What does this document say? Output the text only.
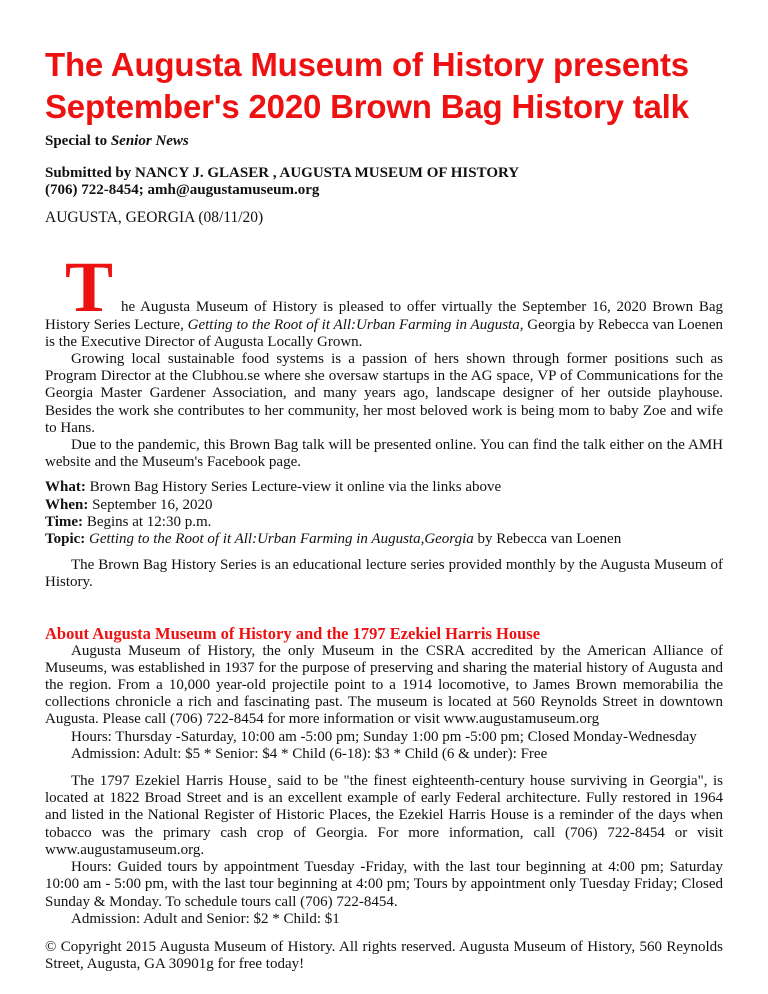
The Augusta Museum of History presents
September's 2020 Brown Bag History talk
Special to Senior News
Submitted by NANCY J. GLASER , AUGUSTA MUSEUM OF HISTORY
(706) 722-8454; amh@augustamuseum.org
AUGUSTA, GEORGIA (08/11/20)

The Augusta Museum of History is pleased to offer virtually the September 16, 2020 Brown Bag History Series Lecture, Getting to the Root of it All:Urban Farming in Augusta, Georgia by Rebecca van Loenen is the Executive Director of Augusta Locally Grown.

Growing local sustainable food systems is a passion of hers shown through former positions such as Program Director at the Clubhou.se where she oversaw startups in the AG space, VP of Communications for the Georgia Master Gardener Association, and many years ago, landscape designer of her outside playhouse. Besides the work she contributes to her community, her most beloved work is being mom to baby Zoe and wife to Hans.

Due to the pandemic, this Brown Bag talk will be presented online. You can find the talk either on the AMH website and the Museum's Facebook page.

What: Brown Bag History Series Lecture-view it online via the links above
When: September 16, 2020
Time: Begins at 12:30 p.m.
Topic: Getting to the Root of it All:Urban Farming in Augusta,Georgia by Rebecca van Loenen

The Brown Bag History Series is an educational lecture series provided monthly by the Augusta Museum of History.

About Augusta Museum of History and the 1797 Ezekiel Harris House

Augusta Museum of History, the only Museum in the CSRA accredited by the American Alliance of Museums, was established in 1937 for the purpose of preserving and sharing the material history of Augusta and the region. From a 10,000 year-old projectile point to a 1914 locomotive, to James Brown memorabilia the collections chronicle a rich and fascinating past. The museum is located at 560 Reynolds Street in downtown Augusta. Please call (706) 722-8454 for more information or visit www.augustamuseum.org

Hours: Thursday -Saturday, 10:00 am -5:00 pm; Sunday 1:00 pm -5:00 pm; Closed Monday-Wednesday
Admission: Adult: $5 * Senior: $4 * Child (6-18): $3 * Child (6 & under): Free

The 1797 Ezekiel Harris House¸ said to be "the finest eighteenth-century house surviving in Georgia", is located at 1822 Broad Street and is an excellent example of early Federal architecture. Fully restored in 1964 and listed in the National Register of Historic Places, the Ezekiel Harris House is a reminder of the days when tobacco was the primary cash crop of Georgia. For more information, call (706) 722-8454 or visit www.augustamuseum.org.

Hours: Guided tours by appointment Tuesday -Friday, with the last tour beginning at 4:00 pm; Saturday 10:00 am - 5:00 pm, with the last tour beginning at 4:00 pm; Tours by appointment only Tuesday Friday; Closed Sunday & Monday. To schedule tours call (706) 722-8454.

Admission: Adult and Senior: $2 * Child: $1

© Copyright 2015 Augusta Museum of History. All rights reserved. Augusta Museum of History, 560 Reynolds Street, Augusta, GA 30901g for free today!
